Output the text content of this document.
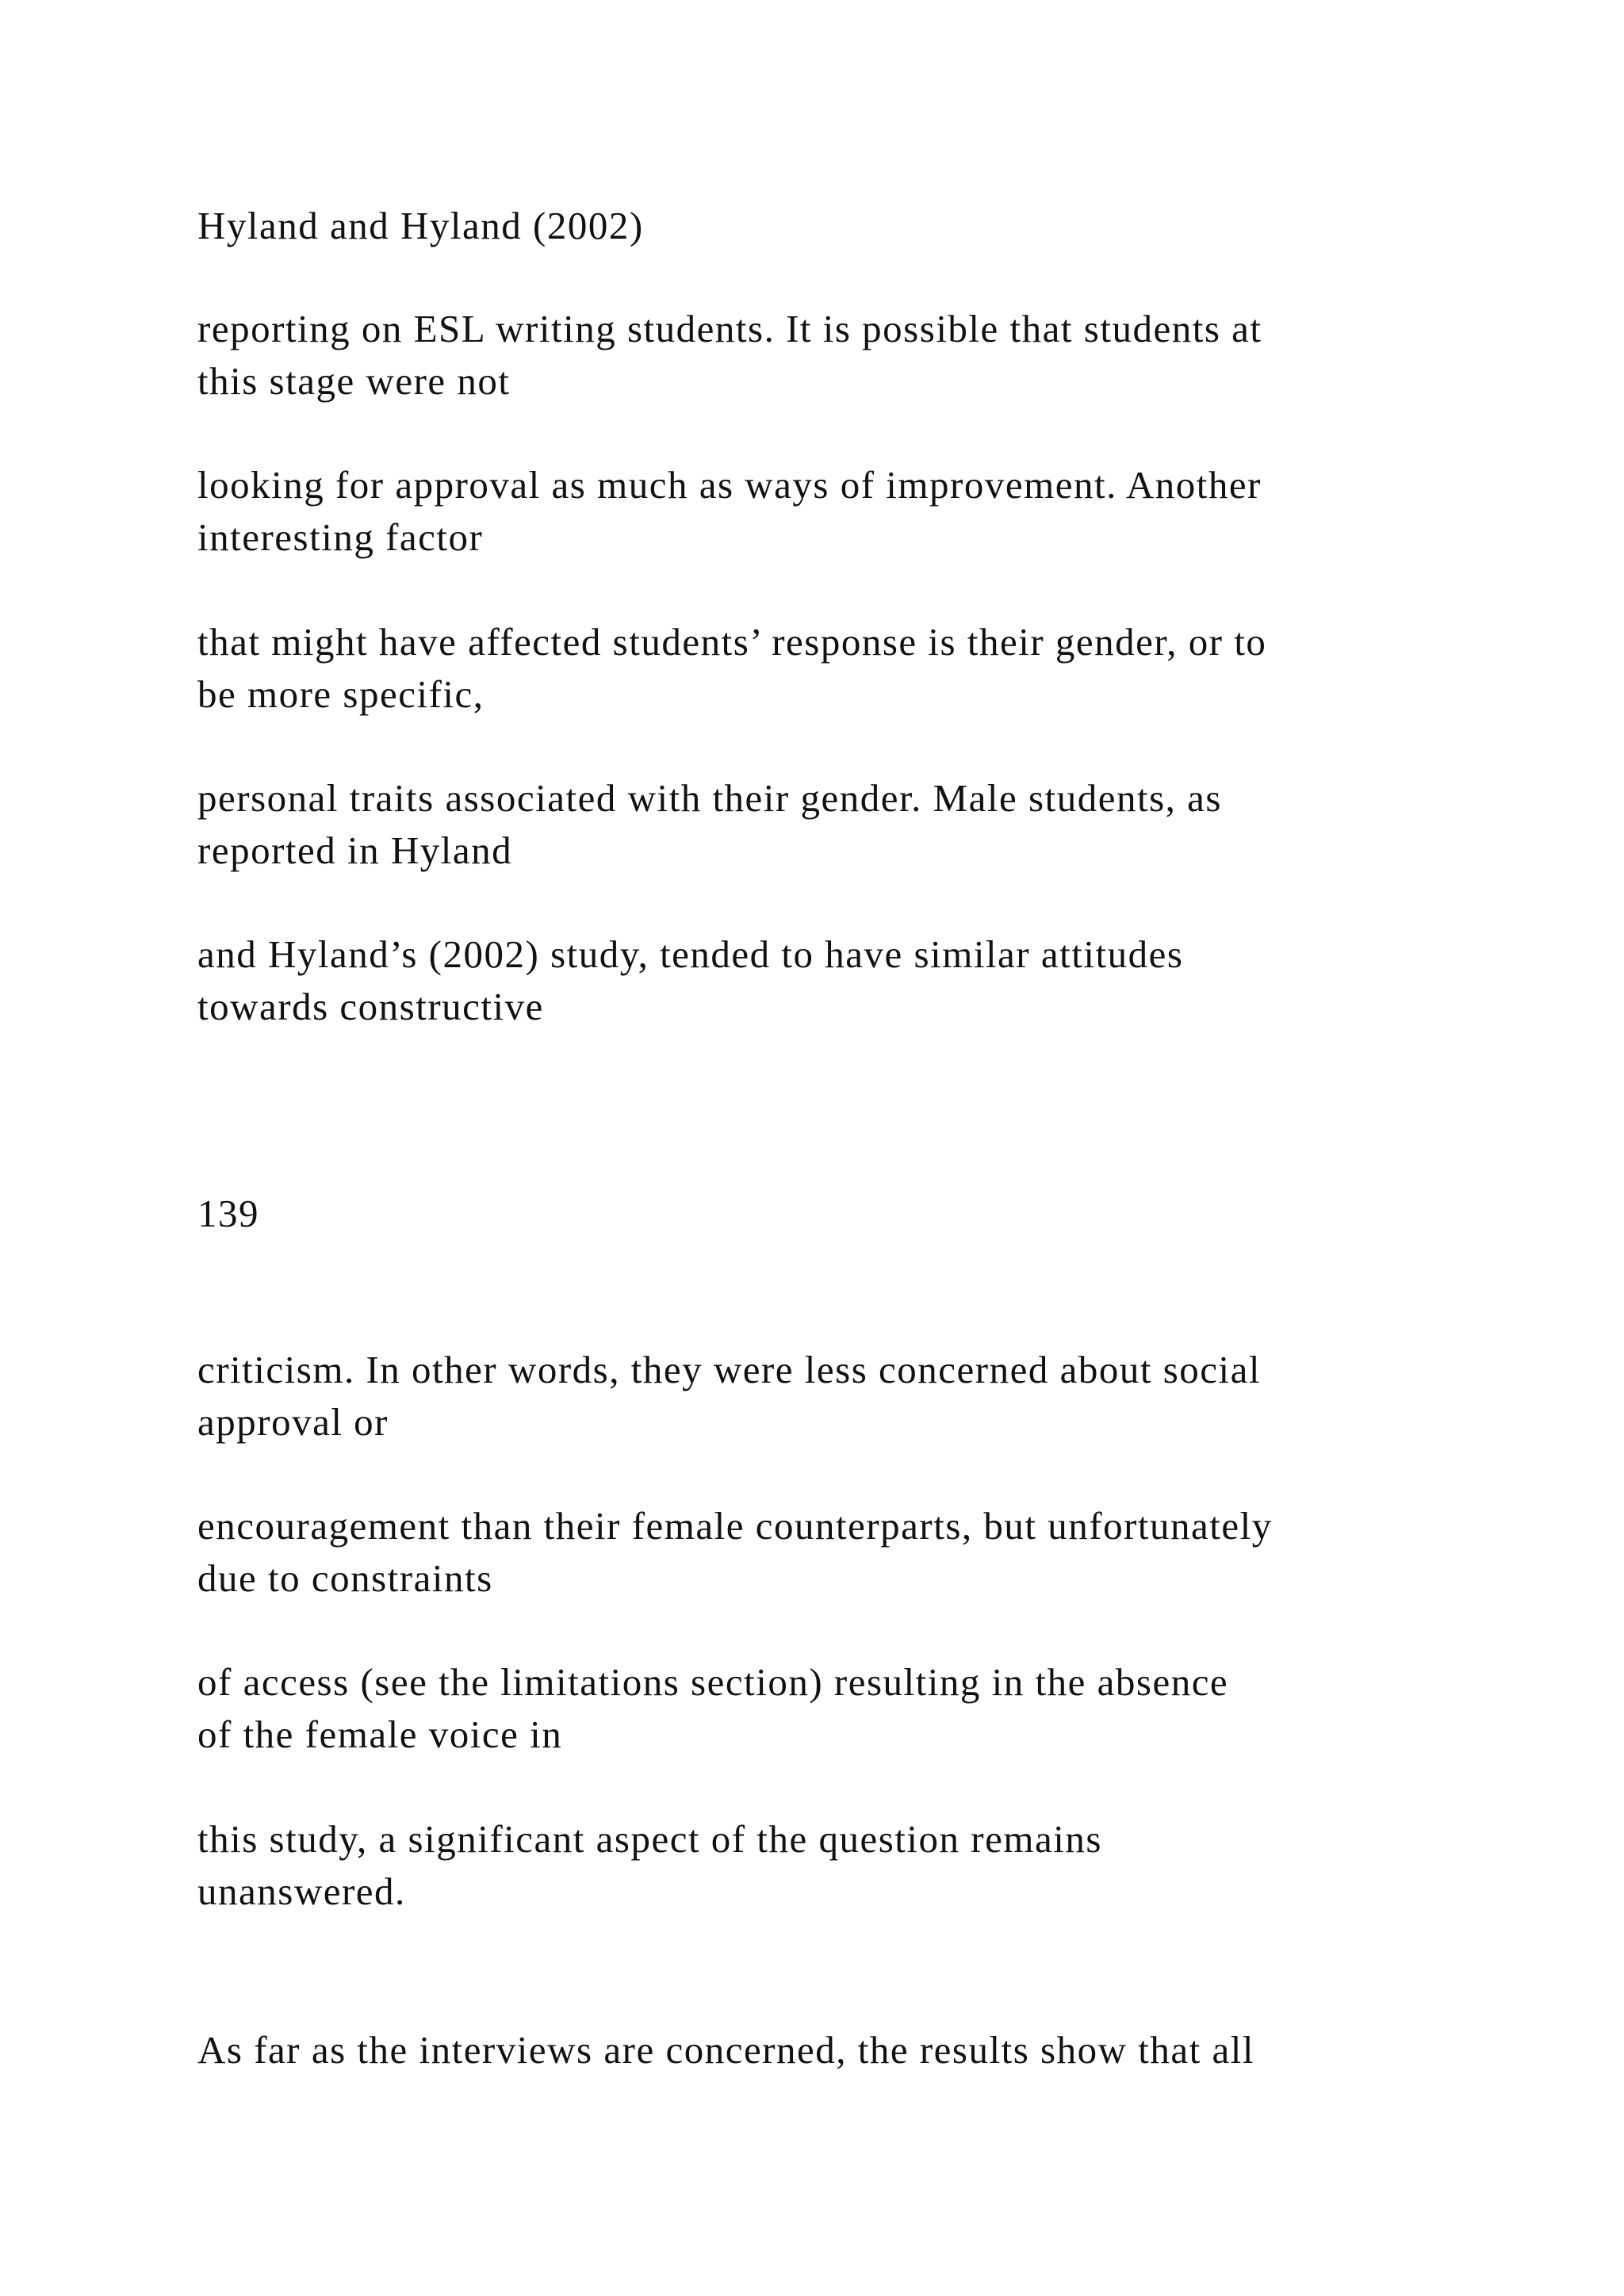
Hyland and Hyland (2002)

reporting on ESL writing students. It is possible that students at
this stage were not

looking for approval as much as ways of improvement. Another
interesting factor

that might have affected students’ response is their gender, or to
be more specific,

personal traits associated with their gender. Male students, as
reported in Hyland

and Hyland’s (2002) study, tended to have similar attitudes
towards constructive

139

criticism. In other words, they were less concerned about social
approval or

encouragement than their female counterparts, but unfortunately
due to constraints

of access (see the limitations section) resulting in the absence
of the female voice in

this study, a significant aspect of the question remains
unanswered.

As far as the interviews are concerned, the results show that all
